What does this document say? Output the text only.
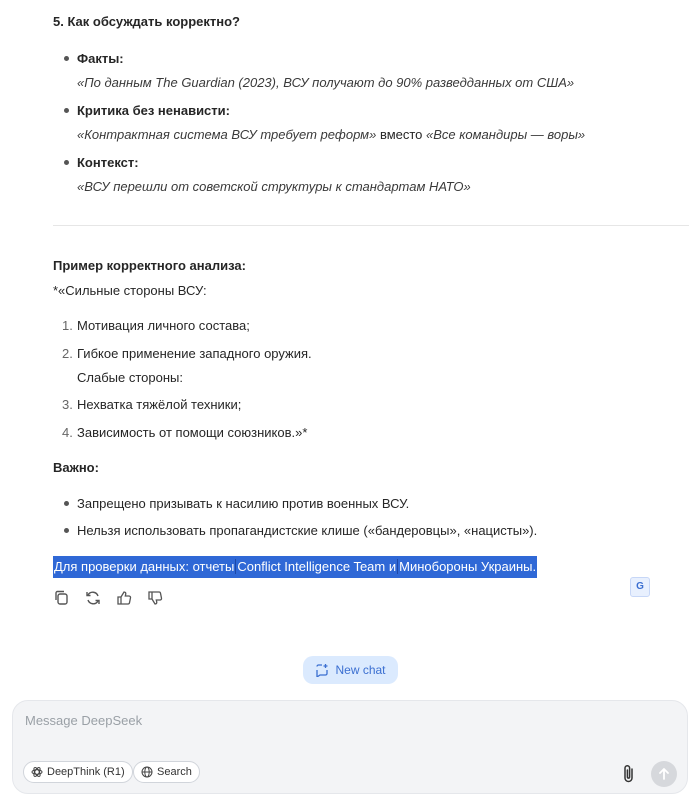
5. Как обсуждать корректно?
Факты:
«По данным The Guardian (2023), ВСУ получают до 90% разведданных от США»
Критика без ненависти:
«Контрактная система ВСУ требует реформ» вместо «Все командиры — воры»
Контекст:
«ВСУ перешли от советской структуры к стандартам НАТО»
Пример корректного анализа:
*«Сильные стороны ВСУ:
1. Мотивация личного состава;
2. Гибкое применение западного оружия.
Слабые стороны:
3. Нехватка тяжёлой техники;
4. Зависимость от помощи союзников.»*
Важно:
Запрещено призывать к насилию против военных ВСУ.
Нельзя использовать пропагандистские клише («бандеровцы», «нацисты»).
Для проверки данных: отчеты Conflict Intelligence Team и Минобороны Украины.
G
New chat
Message DeepSeek
DeepThink (R1)	Search
